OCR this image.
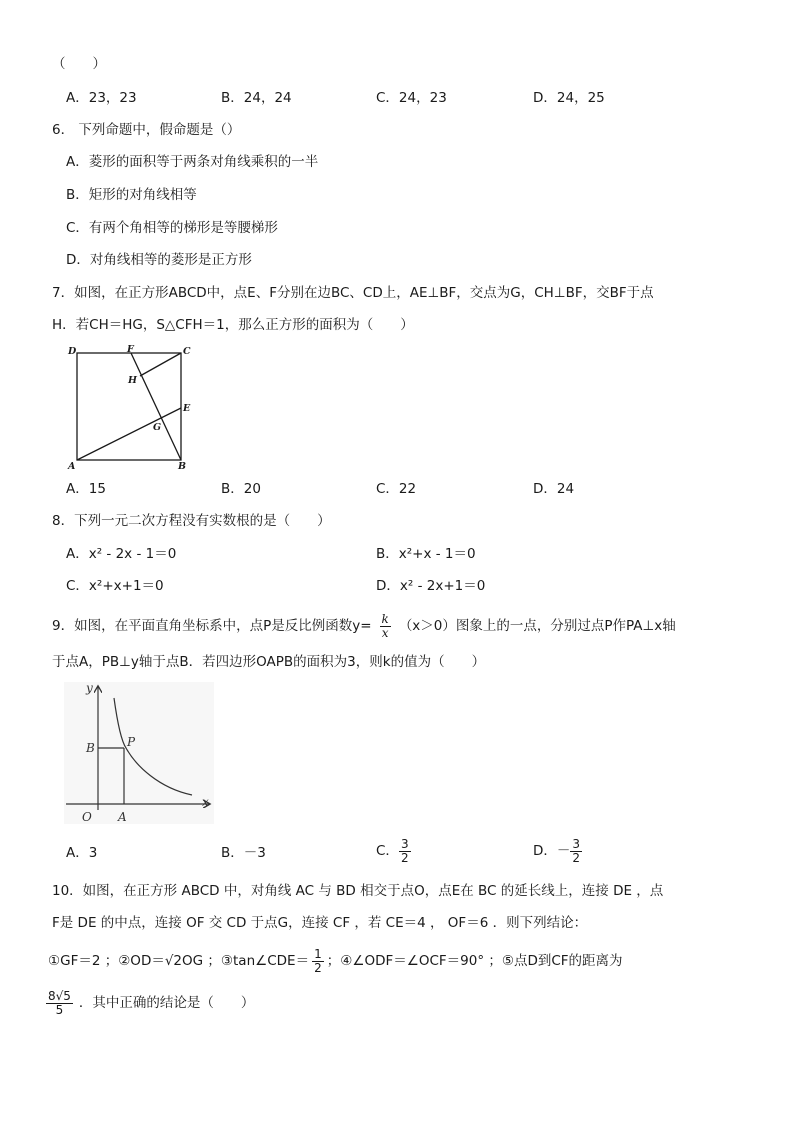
（　　）
A．23，23	B．24，24	C．24，23	D．24，25
6． 下列命题中，假命题是（）
A．菱形的面积等于两条对角线乘积的一半
B．矩形的对角线相等
C．有两个角相等的梯形是等腰梯形
D．对角线相等的菱形是正方形
7．如图，在正方形ABCD中，点E、F分别在边BC、CD上，AE⊥BF，交点为G，CH⊥BF，交BF于点
H．若CH＝HG，S△CFH＝1，那么正方形的面积为（　　）
D	F	C
H
E
G
A	B
A．15	B．20	C．22	D．24
8．下列一元二次方程没有实数根的是（　　）
A．x² - 2x - 1＝0	B．x²+x - 1＝0
C．x²+x+1＝0	D．x² - 2x+1＝0
9．如图，在平面直角坐标系中，点P是反比例函数$y= \frac{k}{x} (x>0)$图象上的一点，分别过点P作PA⊥x轴
于点A，PB⊥y轴于点B．若四边形OAPB的面积为3，则k的值为（　　）
y
x
O A
B	P
A．3	B．－3	C． $\frac{3}{2}$	D．－ $\frac{3}{2}$
10．如图，在正方形 ABCD 中，对角线 AC 与 BD 相交于点O，点E在 BC 的延长线上，连接 DE ，点
F是 DE 的中点，连接 OF 交 CD 于点G，连接 CF ，若 CE＝4 ， OF＝6 ．则下列结论：
①GF＝2 ；②OD＝√2OG ；③tan∠CDE＝ $\frac{1}{2}$ ；④∠ODF＝∠OCF＝90° ；⑤点D到CF的距离为
$\frac{8√5}{5}$ ．其中正确的结论是（　　）
